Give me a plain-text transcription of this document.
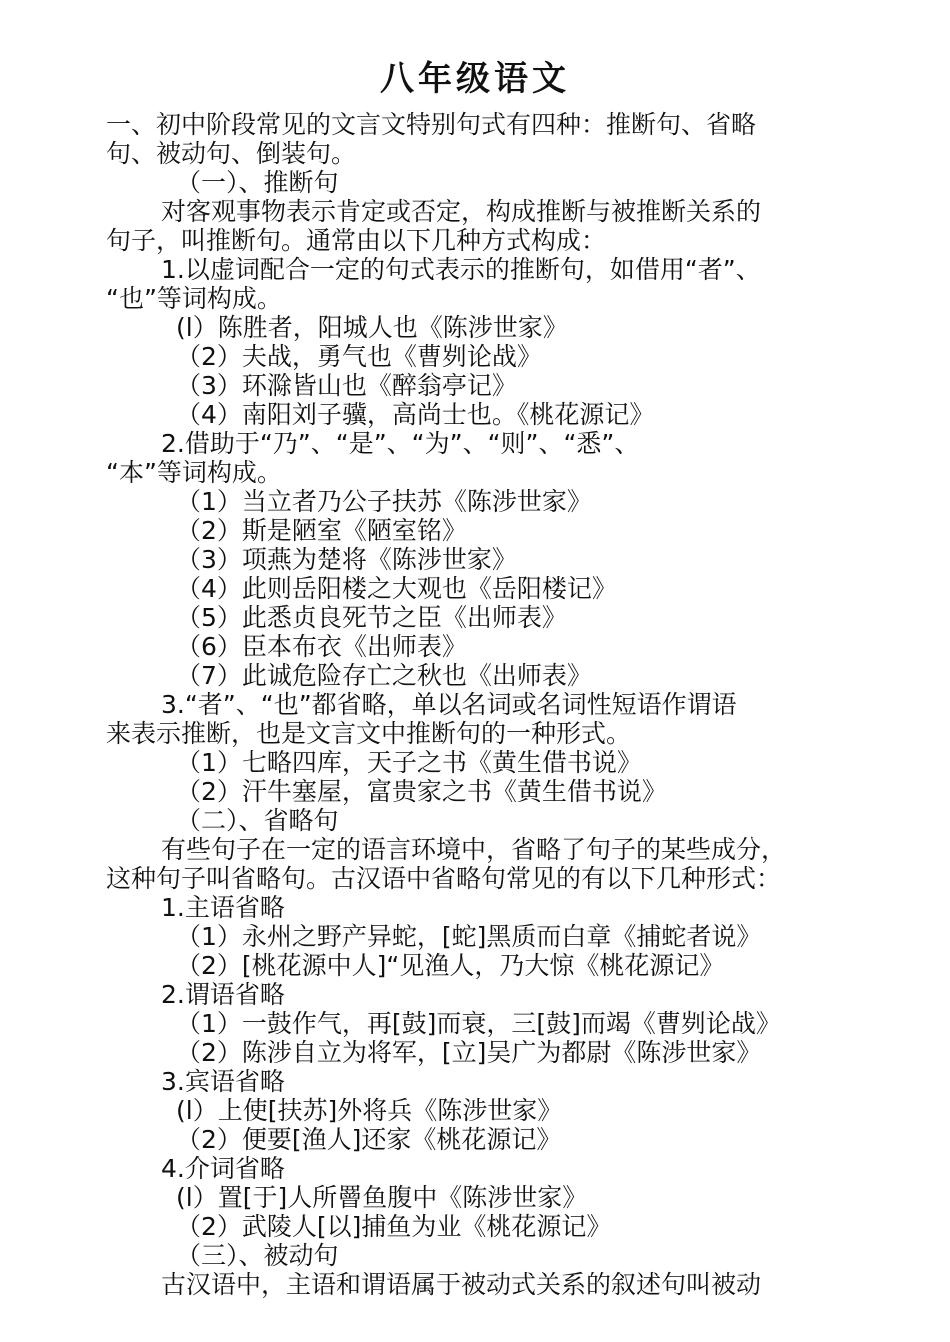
八年级语文
一、初中阶段常见的文言文特别句式有四种：推断句、省略
句、被动句、倒装句。
（一）、推断句
对客观事物表示肯定或否定，构成推断与被推断关系的
句子，叫推断句。通常由以下几种方式构成：
1.以虚词配合一定的句式表示的推断句，如借用“者”、
“也”等词构成。
(l）陈胜者，阳城人也《陈涉世家》
（2）夫战，勇气也《曹刿论战》
（3）环滁皆山也《醉翁亭记》
（4）南阳刘子骥，高尚士也。《桃花源记》
2.借助于“乃”、“是”、“为”、“则”、“悉”、
“本”等词构成。
（1）当立者乃公子扶苏《陈涉世家》
（2）斯是陋室《陋室铭》
（3）项燕为楚将《陈涉世家》
（4）此则岳阳楼之大观也《岳阳楼记》
（5）此悉贞良死节之臣《出师表》
（6）臣本布衣《出师表》
（7）此诚危险存亡之秋也《出师表》
3.“者”、“也”都省略，单以名词或名词性短语作谓语
来表示推断，也是文言文中推断句的一种形式。
（1）七略四库，天子之书《黄生借书说》
（2）汗牛塞屋，富贵家之书《黄生借书说》
（二）、省略句
有些句子在一定的语言环境中，省略了句子的某些成分，
这种句子叫省略句。古汉语中省略句常见的有以下几种形式：
1.主语省略
（1）永州之野产异蛇，[蛇]黑质而白章《捕蛇者说》
（2）[桃花源中人]“见渔人，乃大惊《桃花源记》
2.谓语省略
（1）一鼓作气，再[鼓]而衰，三[鼓]而竭《曹刿论战》
（2）陈涉自立为将军，[立]吴广为都尉《陈涉世家》
3.宾语省略
(l）上使[扶苏]外将兵《陈涉世家》
（2）便要[渔人]还家《桃花源记》
4.介词省略
(l）置[于]人所罾鱼腹中《陈涉世家》
（2）武陵人[以]捕鱼为业《桃花源记》
（三）、被动句
古汉语中，主语和谓语属于被动式关系的叙述句叫被动
